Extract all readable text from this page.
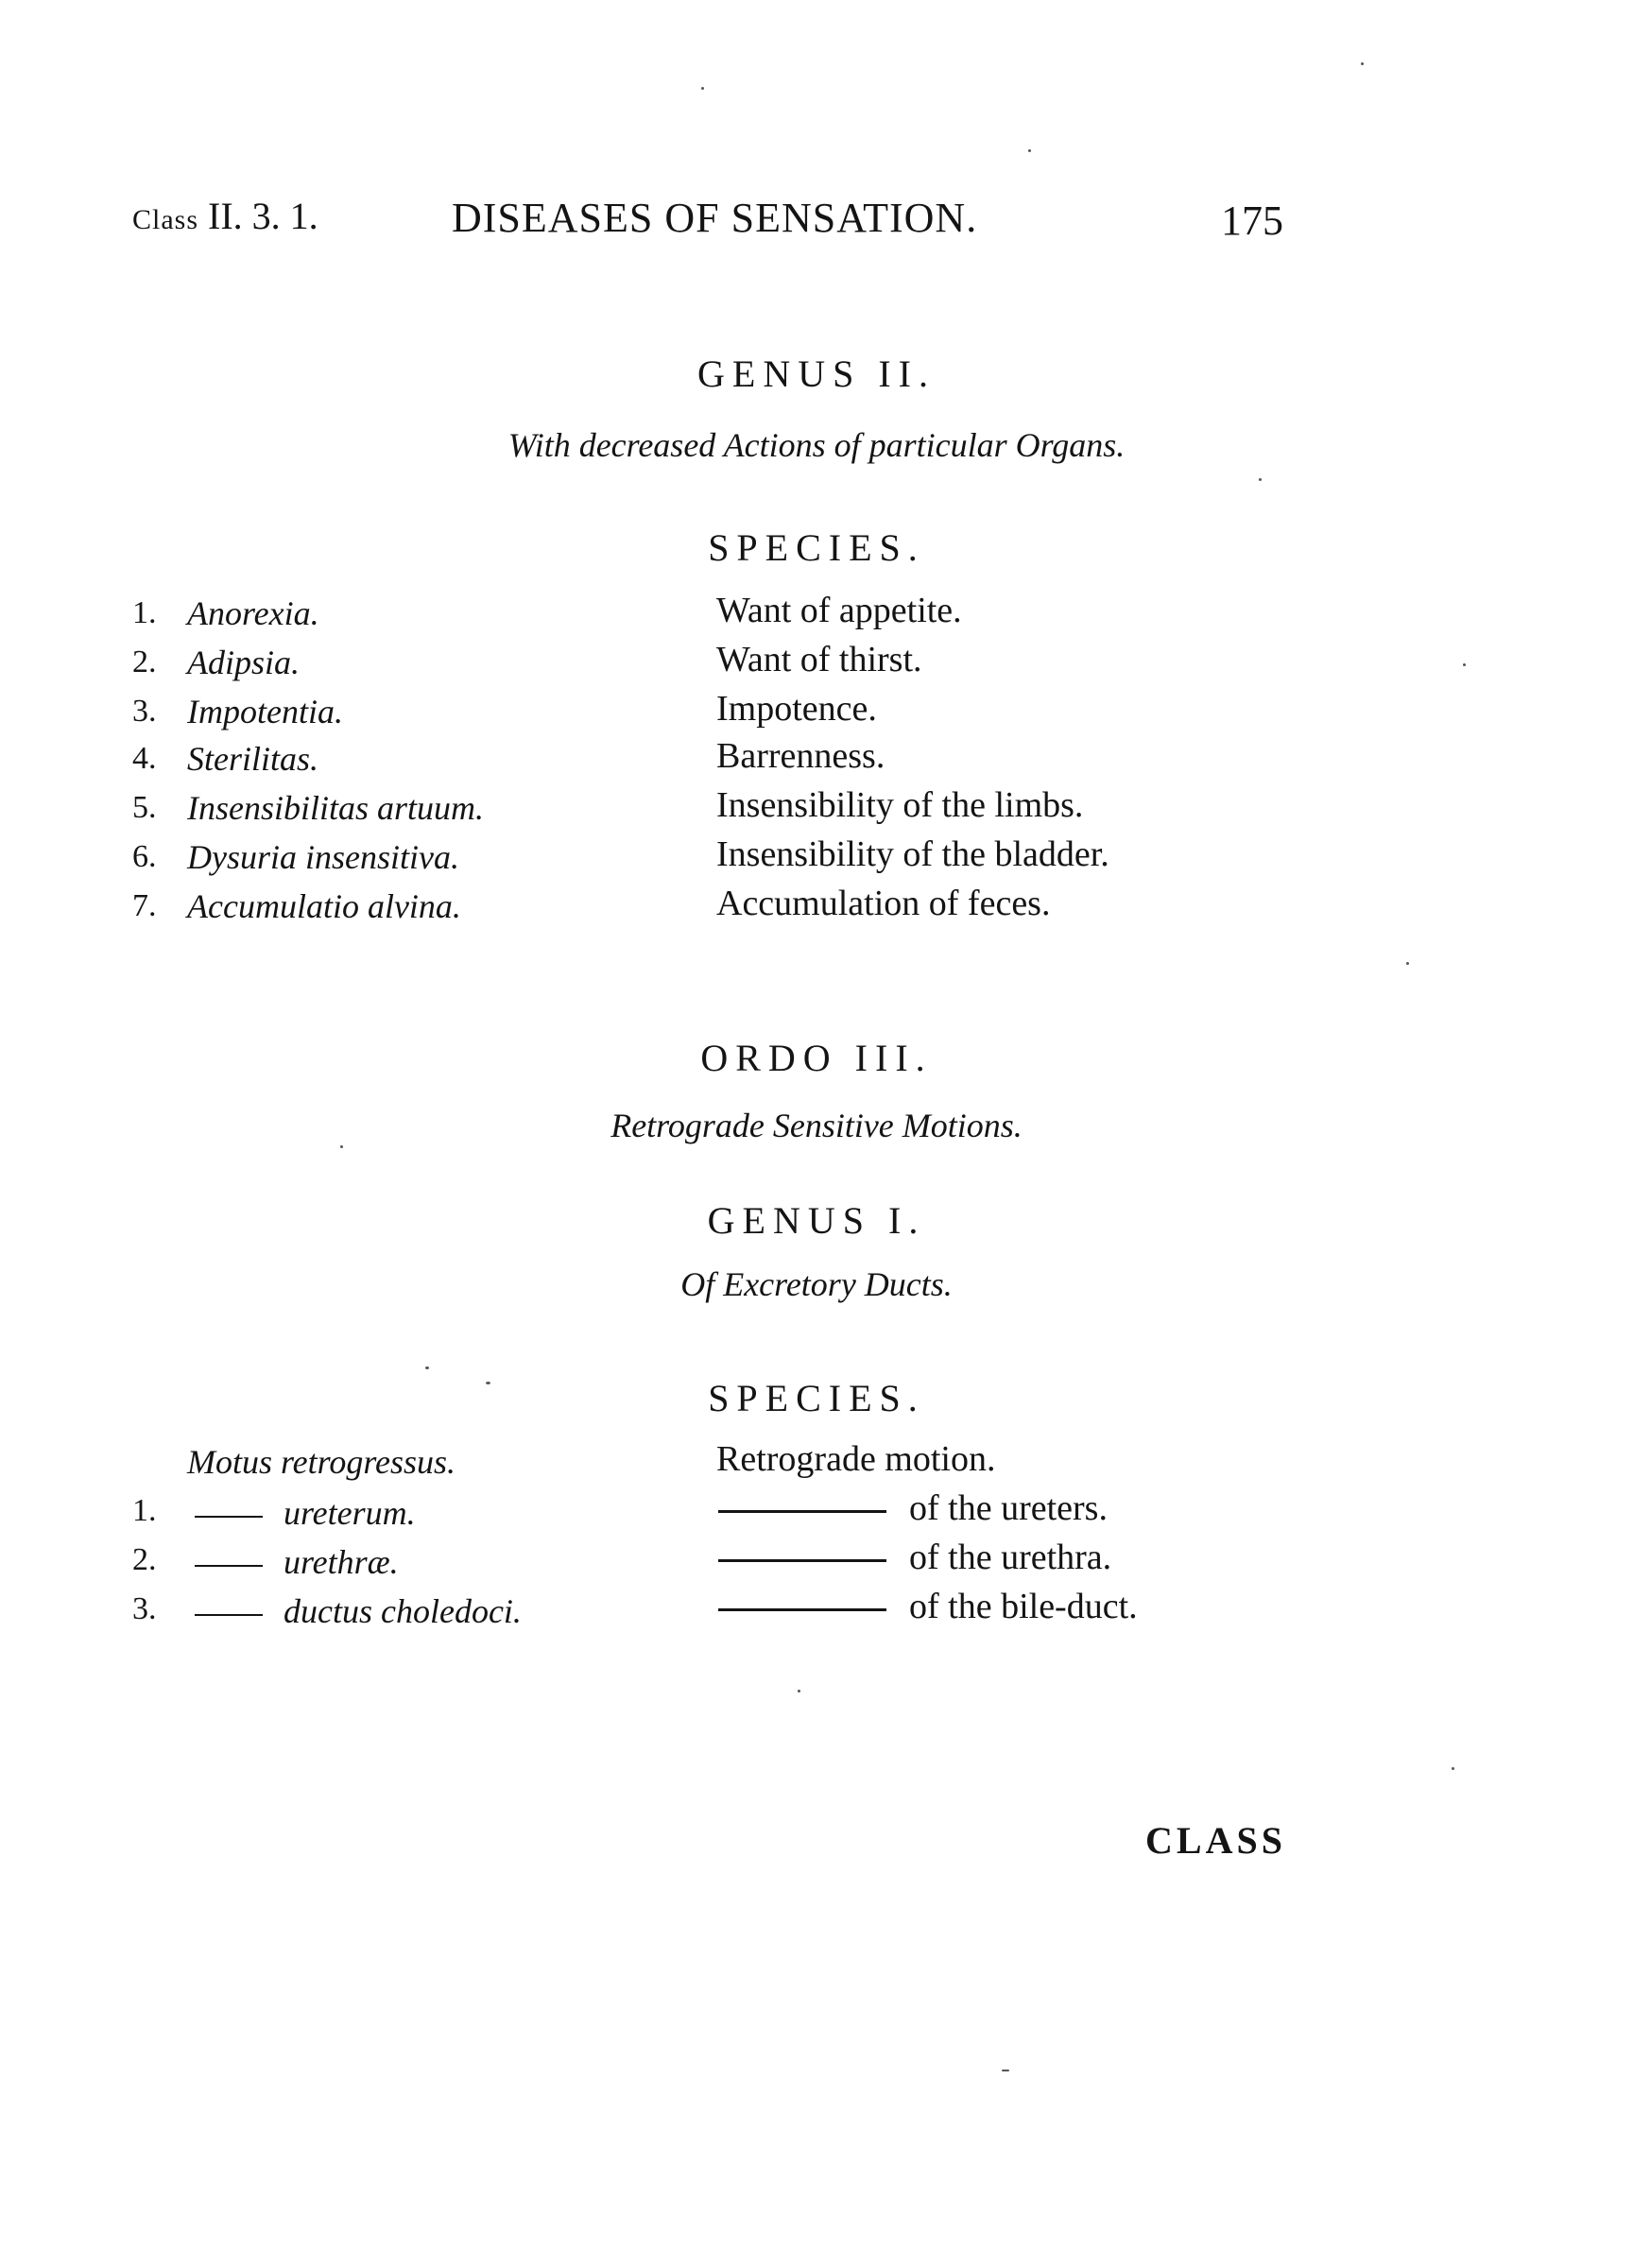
Class II. 3. 1.	DISEASES OF SENSATION.	175
GENUS II.
With decreased Actions of particular Organs.
SPECIES.
1. Anorexia.	Want of appetite.
2. Adipsia.	Want of thirst.
3. Impotentia.	Impotence.
4. Sterilitas.	Barrenness.
5. Insensibilitas artuum.	Insensibility of the limbs.
6. Dysuria insensitiva.	Insensibility of the bladder.
7. Accumulatio alvina.	Accumulation of feces.
ORDO III.
Retrograde Sensitive Motions.
GENUS I.
Of Excretory Ducts.
SPECIES.
Motus retrogressus.	Retrograde motion.
1.	ureterum.	of the ureters.
2.	urethræ.	of the urethra.
3.	ductus choledoci.	of the bile-duct.
CLASS
